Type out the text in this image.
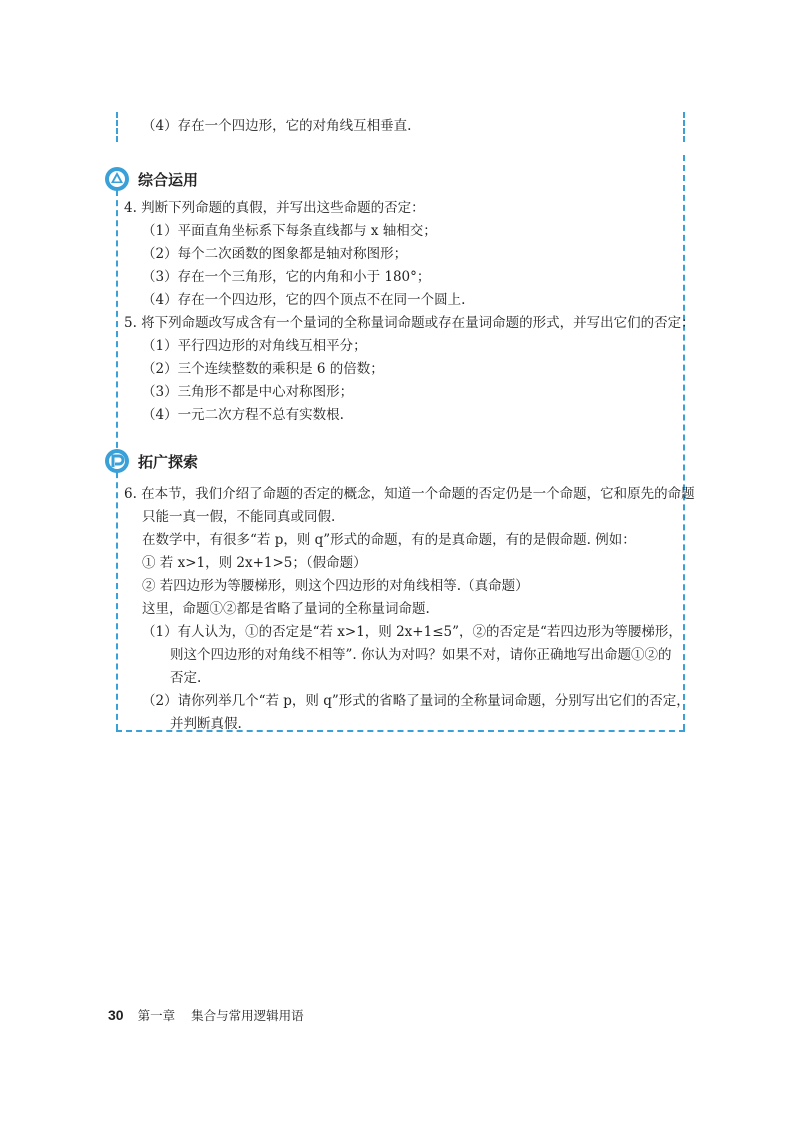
（4）存在一个四边形，它的对角线互相垂直.
综合运用
4. 判断下列命题的真假，并写出这些命题的否定：
（1）平面直角坐标系下每条直线都与 x 轴相交；
（2）每个二次函数的图象都是轴对称图形；
（3）存在一个三角形，它的内角和小于 180°；
（4）存在一个四边形，它的四个顶点不在同一个圆上.
5. 将下列命题改写成含有一个量词的全称量词命题或存在量词命题的形式，并写出它们的否定：
（1）平行四边形的对角线互相平分；
（2）三个连续整数的乘积是 6 的倍数；
（3）三角形不都是中心对称图形；
（4）一元二次方程不总有实数根.
拓广探索
6. 在本节，我们介绍了命题的否定的概念，知道一个命题的否定仍是一个命题，它和原先的命题
只能一真一假，不能同真或同假.
在数学中，有很多“若 p，则 q”形式的命题，有的是真命题，有的是假命题. 例如：
① 若 x>1，则 2x+1>5；（假命题）
② 若四边形为等腰梯形，则这个四边形的对角线相等.（真命题）
这里，命题①②都是省略了量词的全称量词命题.
（1）有人认为，①的否定是“若 x>1，则 2x+1≤5”，②的否定是“若四边形为等腰梯形，
则这个四边形的对角线不相等”. 你认为对吗？如果不对，请你正确地写出命题①②的
否定.
（2）请你列举几个“若 p，则 q”形式的省略了量词的全称量词命题，分别写出它们的否定，
并判断真假.
30 第一章 集合与常用逻辑用语
